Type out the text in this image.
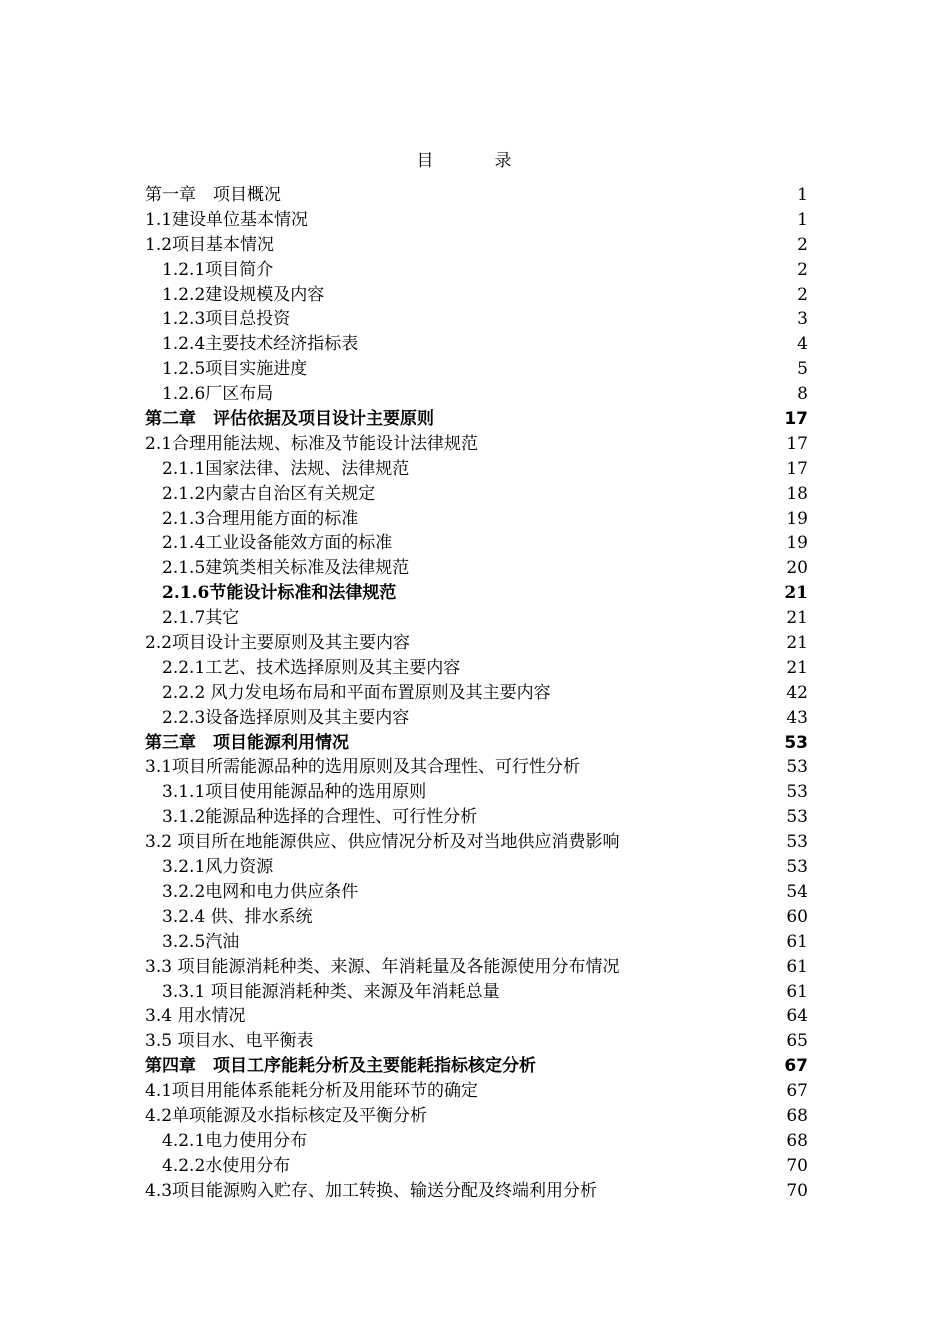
目　录
第一章　项目概况	1
1.1建设单位基本情况	1
1.2项目基本情况	2
1.2.1项目简介	2
1.2.2建设规模及内容	2
1.2.3项目总投资	3
1.2.4主要技术经济指标表	4
1.2.5项目实施进度	5
1.2.6厂区布局	8
第二章　评估依据及项目设计主要原则	17
2.1合理用能法规、标准及节能设计法律规范	17
2.1.1国家法律、法规、法律规范	17
2.1.2内蒙古自治区有关规定	18
2.1.3合理用能方面的标准	19
2.1.4工业设备能效方面的标准	19
2.1.5建筑类相关标准及法律规范	20
2.1.6节能设计标准和法律规范	21
2.1.7其它	21
2.2项目设计主要原则及其主要内容	21
2.2.1工艺、技术选择原则及其主要内容	21
2.2.2 风力发电场布局和平面布置原则及其主要内容	42
2.2.3设备选择原则及其主要内容	43
第三章　项目能源利用情况	53
3.1项目所需能源品种的选用原则及其合理性、可行性分析	53
3.1.1项目使用能源品种的选用原则	53
3.1.2能源品种选择的合理性、可行性分析	53
3.2 项目所在地能源供应、供应情况分析及对当地供应消费影响	53
3.2.1风力资源	53
3.2.2电网和电力供应条件	54
3.2.4 供、排水系统	60
3.2.5汽油	61
3.3 项目能源消耗种类、来源、年消耗量及各能源使用分布情况	61
3.3.1 项目能源消耗种类、来源及年消耗总量	61
3.4 用水情况	64
3.5 项目水、电平衡表	65
第四章　项目工序能耗分析及主要能耗指标核定分析	67
4.1项目用能体系能耗分析及用能环节的确定	67
4.2单项能源及水指标核定及平衡分析	68
4.2.1电力使用分布	68
4.2.2水使用分布	70
4.3项目能源购入贮存、加工转换、输送分配及终端利用分析	70
